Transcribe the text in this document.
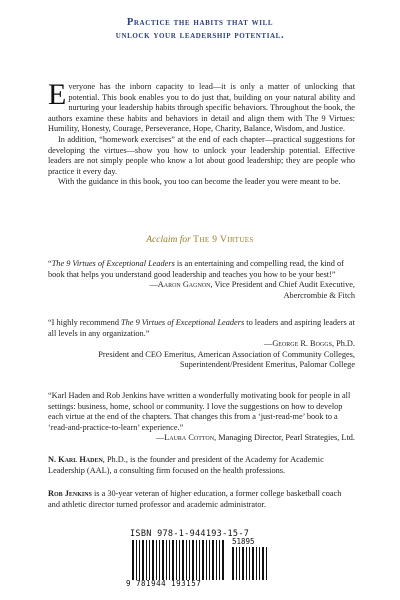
Practice the habits that will
unlock your leadership potential.

Everyone has the inborn capacity to lead—it is only a matter of unlocking that potential. This book enables you to do just that, building on your natural ability and nurturing your leadership habits through specific behaviors. Throughout the book, the authors examine these habits and behaviors in detail and align them with The 9 Virtues: Humility, Honesty, Courage, Perseverance, Hope, Charity, Balance, Wisdom, and Justice.

In addition, “homework exercises” at the end of each chapter—practical suggestions for developing the virtues—show you how to unlock your leadership potential. Effective leaders are not simply people who know a lot about good leadership; they are people who practice it every day.

With the guidance in this book, you too can become the leader you were meant to be.

Acclaim for The 9 Virtues
“The 9 Virtues of Exceptional Leaders is an entertaining and compelling read, the kind of book that helps you understand good leadership and teaches you how to be your best!”
—Aaron Gagnon, Vice President and Chief Audit Executive,
Abercrombie & Fitch
“I highly recommend The 9 Virtues of Exceptional Leaders to leaders and aspiring leaders at all levels in any organization.”
—George R. Boggs, Ph.D.
President and CEO Emeritus, American Association of Community Colleges,
Superintendent/President Emeritus, Palomar College
“Karl Haden and Rob Jenkins have written a wonderfully motivating book for people in all settings: business, home, school or community. I love the suggestions on how to develop each virtue at the end of the chapters. That changes this from a ‘just-read-me’ book to a ‘read-and-practice-to-learn’ experience.”
—Laura Cotton, Managing Director, Pearl Strategies, Ltd.
N. Karl Haden, Ph.D., is the founder and president of the Academy for Academic Leadership (AAL), a consulting firm focused on the health professions.
Rob Jenkins is a 30-year veteran of higher education, a former college basketball coach and athletic director turned professor and academic administrator.
ISBN 978-1-944193-15-7
51895
9 781944 193157
